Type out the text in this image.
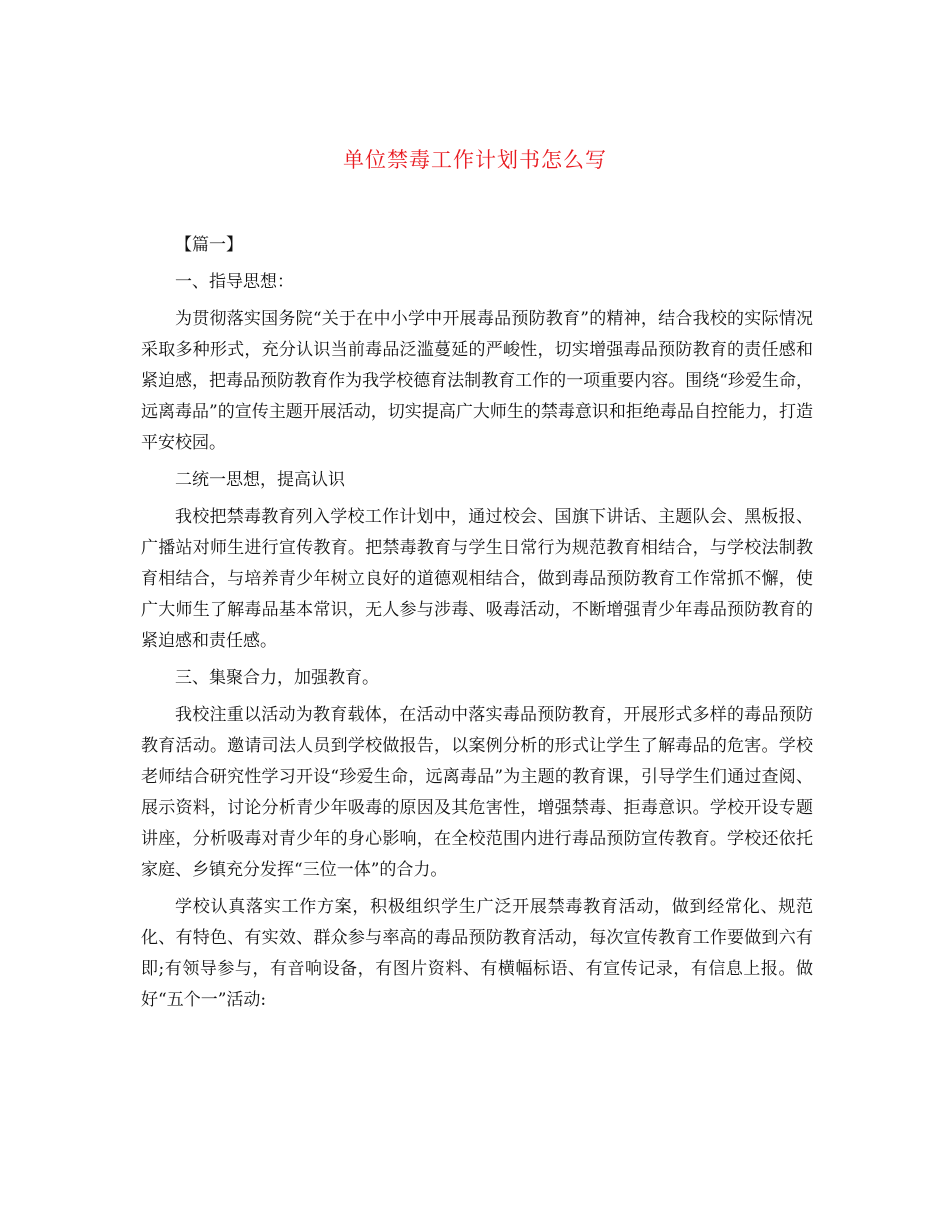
单位禁毒工作计划书怎么写

【篇一】

一、指导思想：

为贯彻落实国务院“关于在中小学中开展毒品预防教育”的精神，结合我校的实际情况采取多种形式，充分认识当前毒品泛滥蔓延的严峻性，切实增强毒品预防教育的责任感和紧迫感，把毒品预防教育作为我学校德育法制教育工作的一项重要内容。围绕“珍爱生命，远离毒品”的宣传主题开展活动，切实提高广大师生的禁毒意识和拒绝毒品自控能力，打造平安校园。

二统一思想，提高认识

我校把禁毒教育列入学校工作计划中，通过校会、国旗下讲话、主题队会、黑板报、广播站对师生进行宣传教育。把禁毒教育与学生日常行为规范教育相结合，与学校法制教育相结合，与培养青少年树立良好的道德观相结合，做到毒品预防教育工作常抓不懈，使广大师生了解毒品基本常识，无人参与涉毒、吸毒活动，不断增强青少年毒品预防教育的紧迫感和责任感。

三、集聚合力，加强教育。

我校注重以活动为教育载体，在活动中落实毒品预防教育，开展形式多样的毒品预防教育活动。邀请司法人员到学校做报告，以案例分析的形式让学生了解毒品的危害。学校老师结合研究性学习开设“珍爱生命，远离毒品”为主题的教育课，引导学生们通过查阅、展示资料，讨论分析青少年吸毒的原因及其危害性，增强禁毒、拒毒意识。学校开设专题讲座，分析吸毒对青少年的身心影响，在全校范围内进行毒品预防宣传教育。学校还依托家庭、乡镇充分发挥“三位一体”的合力。

学校认真落实工作方案，积极组织学生广泛开展禁毒教育活动，做到经常化、规范化、有特色、有实效、群众参与率高的毒品预防教育活动，每次宣传教育工作要做到六有即;有领导参与，有音响设备，有图片资料、有横幅标语、有宣传记录，有信息上报。做好“五个一”活动:
